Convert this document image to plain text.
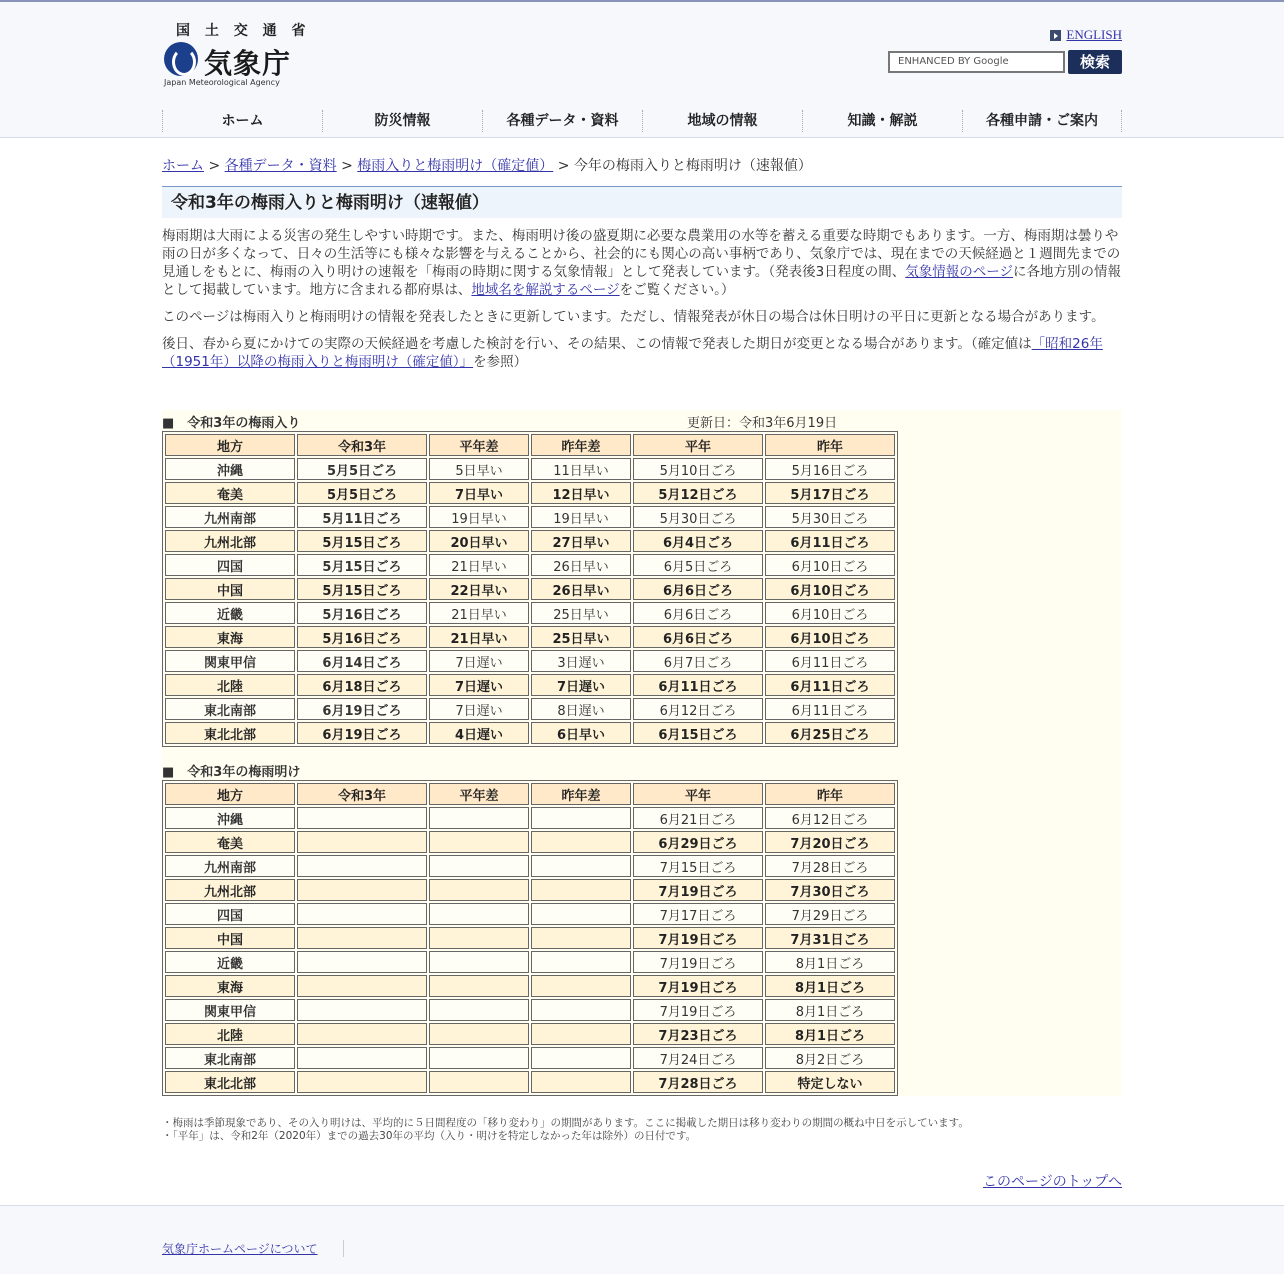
国 土 交 通 省
気象庁
Japan Meteorological Agency
ENGLISH
ENHANCED BY Google	検索
ホーム	防災情報	各種データ・資料	地域の情報	知識・解説	各種申請・ご案内
ホーム > 各種データ・資料 > 梅雨入りと梅雨明け（確定値） > 今年の梅雨入りと梅雨明け（速報値）
令和3年の梅雨入りと梅雨明け（速報値）

梅雨期は大雨による災害の発生しやすい時期です。また、梅雨明け後の盛夏期に必要な農業用の水等を蓄える重要な時期でもあります。一方、梅雨期は曇りや雨の日が多くなって、日々の生活等にも様々な影響を与えることから、社会的にも関心の高い事柄であり、気象庁では、現在までの天候経過と１週間先までの見通しをもとに、梅雨の入り明けの速報を「梅雨の時期に関する気象情報」として発表しています。（発表後3日程度の間、気象情報のページに各地方別の情報として掲載しています。地方に含まれる都府県は、地域名を解説するページをご覧ください。）

このページは梅雨入りと梅雨明けの情報を発表したときに更新しています。ただし、情報発表が休日の場合は休日明けの平日に更新となる場合があります。

後日、春から夏にかけての実際の天候経過を考慮した検討を行い、その結果、この情報で発表した期日が変更となる場合があります。（確定値は「昭和26年（1951年）以降の梅雨入りと梅雨明け（確定値）」を参照）

■　令和3年の梅雨入り	更新日：令和3年6月19日
地方	令和3年	平年差	昨年差	平年	昨年
沖縄	5月5日ごろ	5日早い	11日早い	5月10日ごろ	5月16日ごろ
奄美	5月5日ごろ	7日早い	12日早い	5月12日ごろ	5月17日ごろ
九州南部	5月11日ごろ	19日早い	19日早い	5月30日ごろ	5月30日ごろ
九州北部	5月15日ごろ	20日早い	27日早い	6月4日ごろ	6月11日ごろ
四国	5月15日ごろ	21日早い	26日早い	6月5日ごろ	6月10日ごろ
中国	5月15日ごろ	22日早い	26日早い	6月6日ごろ	6月10日ごろ
近畿	5月16日ごろ	21日早い	25日早い	6月6日ごろ	6月10日ごろ
東海	5月16日ごろ	21日早い	25日早い	6月6日ごろ	6月10日ごろ
関東甲信	6月14日ごろ	7日遅い	3日遅い	6月7日ごろ	6月11日ごろ
北陸	6月18日ごろ	7日遅い	7日遅い	6月11日ごろ	6月11日ごろ
東北南部	6月19日ごろ	7日遅い	8日遅い	6月12日ごろ	6月11日ごろ
東北北部	6月19日ごろ	4日遅い	6日早い	6月15日ごろ	6月25日ごろ
■　令和3年の梅雨明け
地方	令和3年	平年差	昨年差	平年	昨年
沖縄				6月21日ごろ	6月12日ごろ
奄美				6月29日ごろ	7月20日ごろ
九州南部				7月15日ごろ	7月28日ごろ
九州北部				7月19日ごろ	7月30日ごろ
四国				7月17日ごろ	7月29日ごろ
中国				7月19日ごろ	7月31日ごろ
近畿				7月19日ごろ	8月1日ごろ
東海				7月19日ごろ	8月1日ごろ
関東甲信				7月19日ごろ	8月1日ごろ
北陸				7月23日ごろ	8月1日ごろ
東北南部				7月24日ごろ	8月2日ごろ
東北北部				7月28日ごろ	特定しない
・梅雨は季節現象であり、その入り明けは、平均的に５日間程度の「移り変わり」の期間があります。ここに掲載した期日は移り変わりの期間の概ね中日を示しています。
・「平年」は、令和2年（2020年）までの過去30年の平均（入り・明けを特定しなかった年は除外）の日付です。
このページのトップへ
気象庁ホームページについて
